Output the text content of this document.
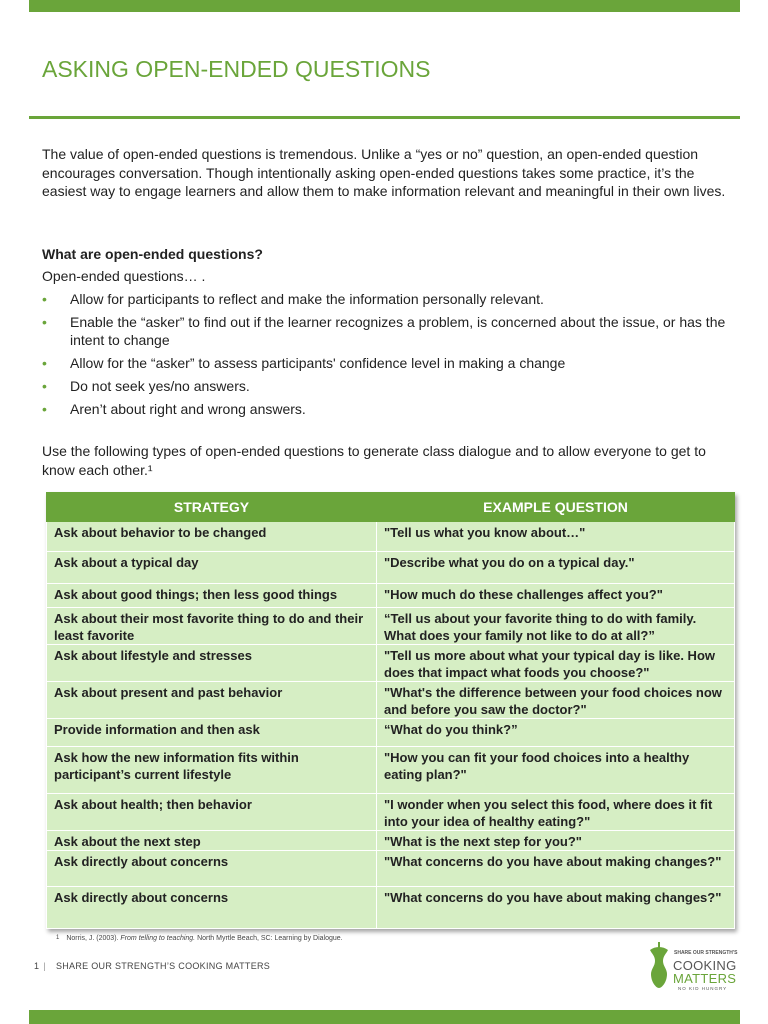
ASKING OPEN-ENDED QUESTIONS
The value of open-ended questions is tremendous. Unlike a “yes or no” question, an open-ended question encourages conversation. Though intentionally asking open-ended questions takes some practice, it’s the easiest way to engage learners and allow them to make information relevant and meaningful in their own lives.
What are open-ended questions?
Open-ended questions… .
• Allow for participants to reflect and make the information personally relevant.
• Enable the “asker” to find out if the learner recognizes a problem, is concerned about the issue, or has the intent to change
• Allow for the “asker” to assess participants' confidence level in making a change
• Do not seek yes/no answers.
• Aren’t about right and wrong answers.
Use the following types of open-ended questions to generate class dialogue and to allow everyone to get to know each other.¹
STRATEGY	EXAMPLE QUESTION
Ask about behavior to be changed	"Tell us what you know about…"
Ask about a typical day	"Describe what you do on a typical day."
Ask about good things; then less good things	"How much do these challenges affect you?"
Ask about their most favorite thing to do and their least favorite	“Tell us about your favorite thing to do with family. What does your family not like to do at all?”
Ask about lifestyle and stresses	"Tell us more about what your typical day is like. How does that impact what foods you choose?"
Ask about present and past behavior	"What's the difference between your food choices now and before you saw the doctor?"
Provide information and then ask	“What do you think?”
Ask how the new information fits within participant’s current lifestyle	"How you can fit your food choices into a healthy eating plan?"
Ask about health; then behavior	"I wonder when you select this food, where does it fit into your idea of healthy eating?"
Ask about the next step	"What is the next step for you?"
Ask directly about concerns	"What concerns do you have about making changes?"
Ask directly about concerns	"What concerns do you have about making changes?"
1 Norris, J. (2003). From telling to teaching. North Myrtle Beach, SC: Learning by Dialogue.
1 | SHARE OUR STRENGTH’S COOKING MATTERS
SHARE OUR STRENGTH'S
COOKING
MATTERS
NO KID HUNGRY
